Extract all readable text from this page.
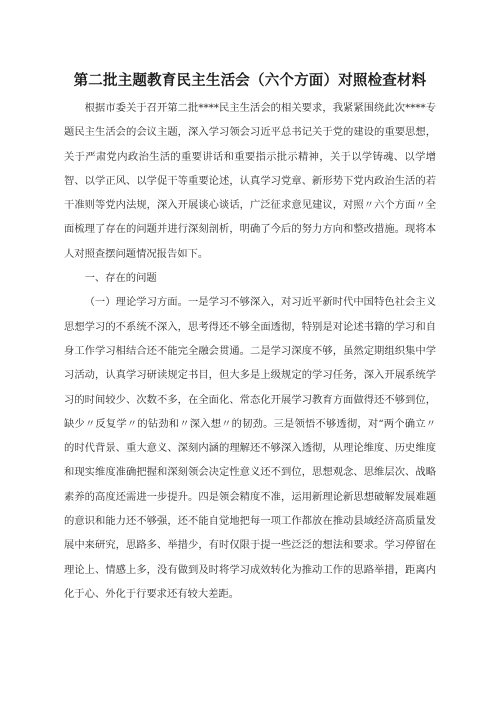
第二批主题教育民主生活会（六个方面）对照检查材料

根据市委关于召开第二批****民主生活会的相关要求，我紧紧围绕此次****专题民主生活会的会议主题，深入学习领会习近平总书记关于党的建设的重要思想，关于严肃党内政治生活的重要讲话和重要指示批示精神，关于以学铸魂、以学增智、以学正风、以学促干等重要论述，认真学习党章、新形势下党内政治生活的若干准则等党内法规，深入开展谈心谈话，广泛征求意见建议，对照〃六个方面〃全面梳理了存在的问题并进行深刻剖析，明确了今后的努力方向和整改措施。现将本人对照查摆问题情况报告如下。

一、存在的问题

（一）理论学习方面。一是学习不够深入，对习近平新时代中国特色社会主义思想学习的不系统不深入，思考得还不够全面透彻，特别是对论述书籍的学习和自身工作学习相结合还不能完全融会贯通。二是学习深度不够，虽然定期组织集中学习活动，认真学习研读规定书目，但大多是上级规定的学习任务，深入开展系统学习的时间较少、次数不多，在全面化、常态化开展学习教育方面做得还不够到位，缺少〃反复学〃的钻劲和〃深入想〃的韧劲。三是领悟不够透彻，对“两个确立〃的时代背景、重大意义、深刻内涵的理解还不够深入透彻，从理论维度、历史维度和现实维度准确把握和深刻领会决定性意义还不到位，思想观念、思维层次、战略素养的高度还需进一步提升。四是领会精度不准，运用新理论新思想破解发展难题的意识和能力还不够强，还不能自觉地把每一项工作都放在推动县域经济高质量发展中来研究，思路多、举措少，有时仅限于提一些泛泛的想法和要求。学习停留在理论上、情感上多，没有做到及时将学习成效转化为推动工作的思路举措，距离内化于心、外化于行要求还有较大差距。
